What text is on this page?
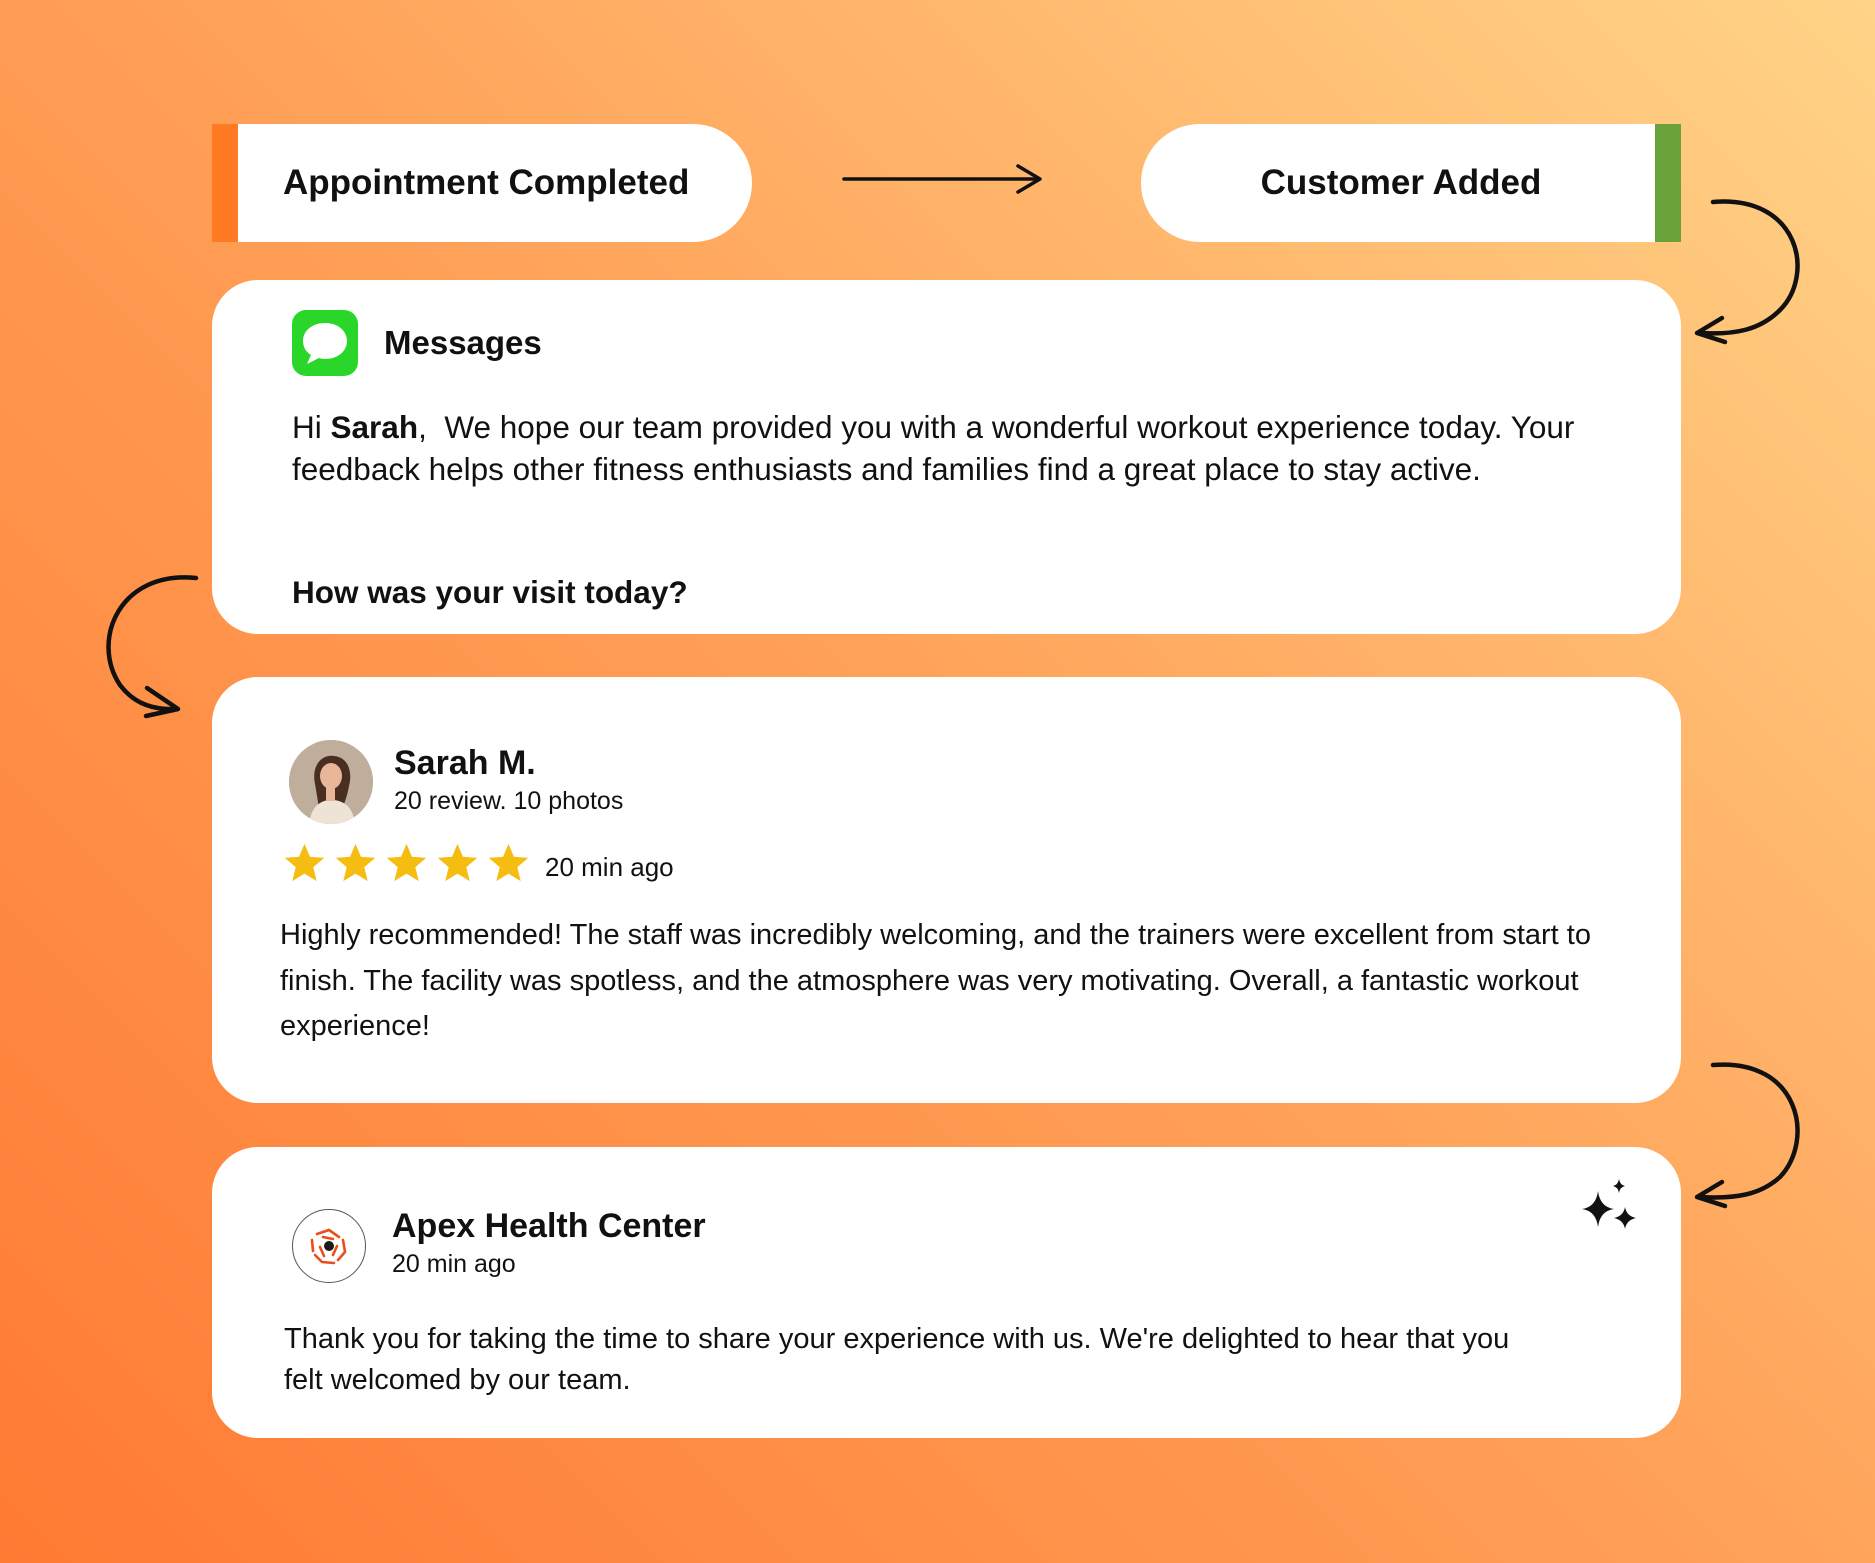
Appointment Completed	Customer Added
Messages
Hi Sarah,  We hope our team provided you with a wonderful workout experience today. Your feedback helps other fitness enthusiasts and families find a great place to stay active.
How was your visit today?
Sarah M.
20 review. 10 photos
20 min ago
Highly recommended! The staff was incredibly welcoming, and the trainers were excellent from start to finish. The facility was spotless, and the atmosphere was very motivating. Overall, a fantastic workout experience!
Apex Health Center
20 min ago
Thank you for taking the time to share your experience with us. We're delighted to hear that you felt welcomed by our team.
